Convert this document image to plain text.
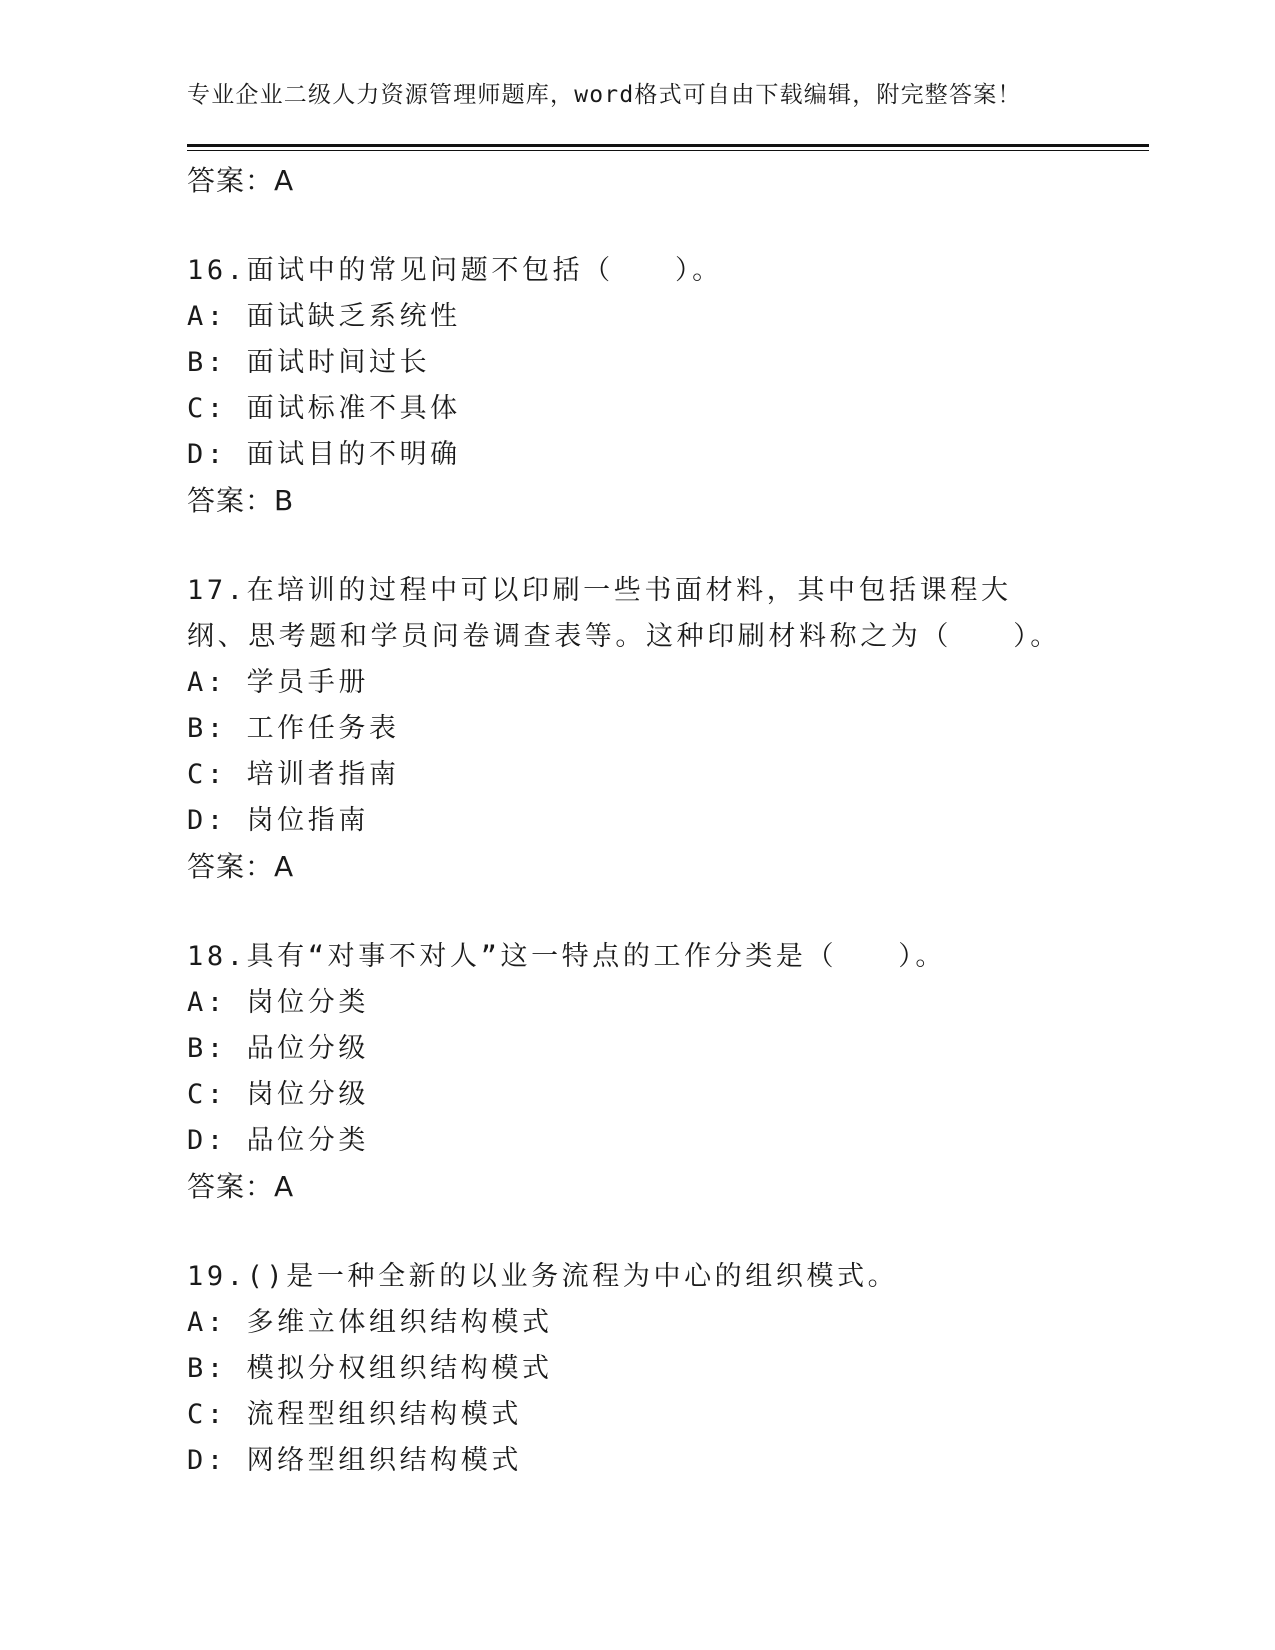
专业企业二级人力资源管理师题库，word格式可自由下载编辑，附完整答案！
答案：A
16.面试中的常见问题不包括（　　）。
A: 面试缺乏系统性
B: 面试时间过长
C: 面试标准不具体
D: 面试目的不明确
答案：B
17.在培训的过程中可以印刷一些书面材料，其中包括课程大纲、思考题和学员问卷调查表等。这种印刷材料称之为（　　）。
A: 学员手册
B: 工作任务表
C: 培训者指南
D: 岗位指南
答案：A
18.具有“对事不对人”这一特点的工作分类是（　　）。
A: 岗位分类
B: 品位分级
C: 岗位分级
D: 品位分类
答案：A
19.()是一种全新的以业务流程为中心的组织模式。
A: 多维立体组织结构模式
B: 模拟分权组织结构模式
C: 流程型组织结构模式
D: 网络型组织结构模式
